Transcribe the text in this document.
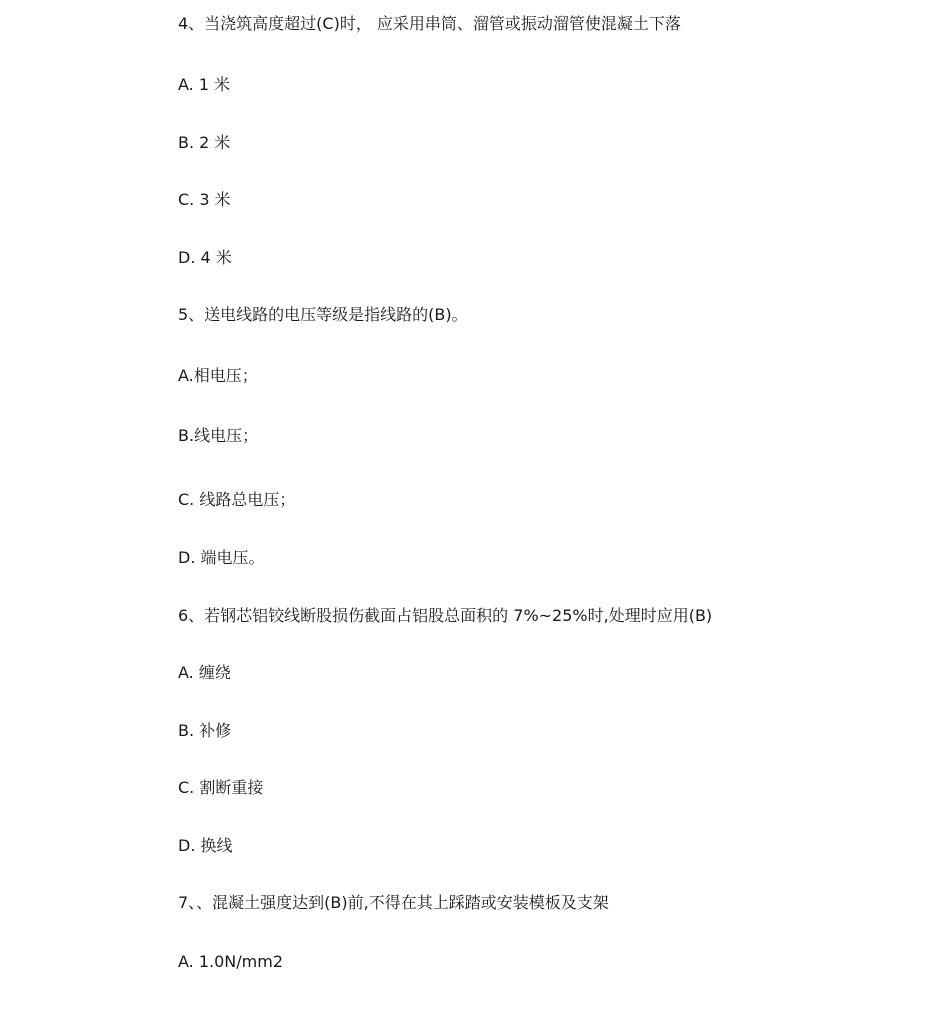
4、当浇筑高度超过(C)时， 应采用串筒、溜管或振动溜管使混凝土下落
A. 1 米
B. 2 米
C. 3 米
D. 4 米
5、送电线路的电压等级是指线路的(B)。
A.相电压；
B.线电压；
C. 线路总电压；
D. 端电压。
6、若钢芯铝铰线断股损伤截面占铝股总面积的 7%~25%时,处理时应用(B)
A. 缠绕
B. 补修
C. 割断重接
D. 换线
7、、混凝土强度达到(B)前,不得在其上踩踏或安装模板及支架
A. 1.0N/mm2
